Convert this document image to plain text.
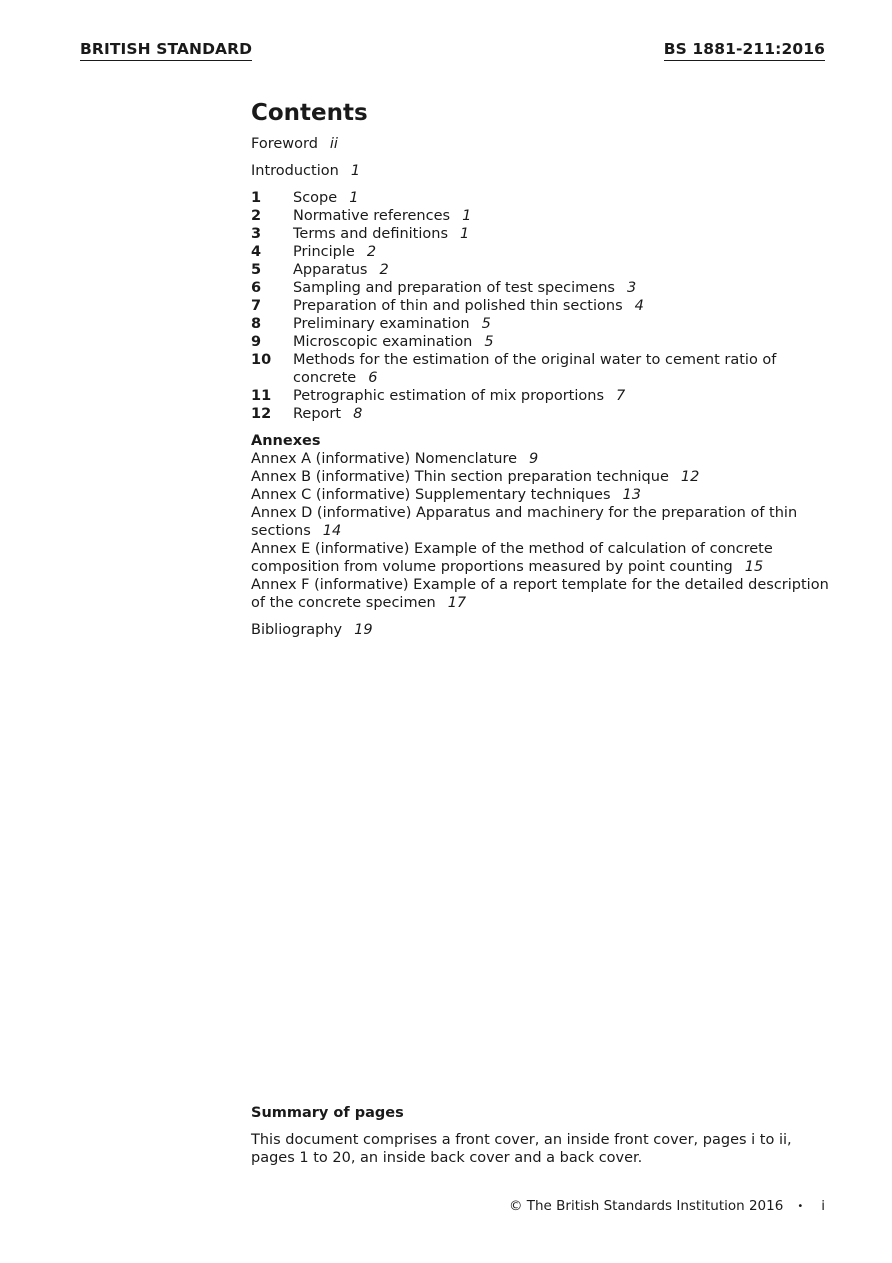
BRITISH STANDARD	BS 1881-211:2016
Contents
Foreword ii
Introduction 1
1	Scope 1
2	Normative references 1
3	Terms and definitions 1
4	Principle 2
5	Apparatus 2
6	Sampling and preparation of test specimens 3
7	Preparation of thin and polished thin sections 4
8	Preliminary examination 5
9	Microscopic examination 5
10	Methods for the estimation of the original water to cement ratio of concrete 6
11	Petrographic estimation of mix proportions 7
12	Report 8
Annexes
Annex A (informative) Nomenclature 9
Annex B (informative) Thin section preparation technique 12
Annex C (informative) Supplementary techniques 13
Annex D (informative) Apparatus and machinery for the preparation of thin sections 14
Annex E (informative) Example of the method of calculation of concrete composition from volume proportions measured by point counting 15
Annex F (informative) Example of a report template for the detailed description of the concrete specimen 17
Bibliography 19
Summary of pages
This document comprises a front cover, an inside front cover, pages i to ii, pages 1 to 20, an inside back cover and a back cover.
© The British Standards Institution 2016 • i
